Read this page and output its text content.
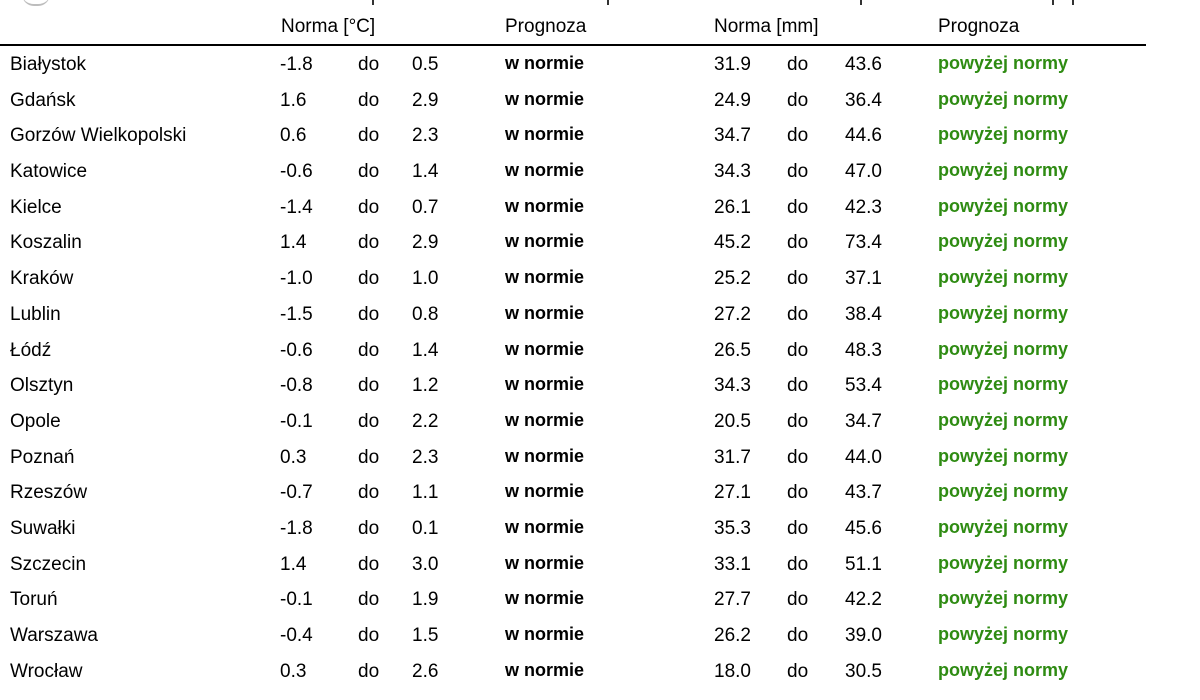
Norma [°C]	Prognoza	Norma [mm]	Prognoza
Białystok	-1.8 do 0.5	w normie	31.9 do 43.6	powyżej normy
Gdańsk	1.6	do 2.9	w normie	24.9 do 36.4	powyżej normy
Gorzów Wielkopolski	0.6	do 2.3	w normie	34.7 do 44.6	powyżej normy
Katowice	-0.6 do 1.4	w normie	34.3 do 47.0	powyżej normy
Kielce	-1.4 do 0.7	w normie	26.1 do 42.3	powyżej normy
Koszalin	1.4	do 2.9	w normie	45.2 do 73.4	powyżej normy
Kraków	-1.0 do 1.0	w normie	25.2 do 37.1	powyżej normy
Lublin	-1.5 do 0.8	w normie	27.2 do 38.4	powyżej normy
Łódź	-0.6 do 1.4	w normie	26.5 do 48.3	powyżej normy
Olsztyn	-0.8 do 1.2	w normie	34.3 do 53.4	powyżej normy
Opole	-0.1 do 2.2	w normie	20.5 do 34.7	powyżej normy
Poznań	0.3	do 2.3	w normie	31.7 do 44.0	powyżej normy
Rzeszów	-0.7 do 1.1	w normie	27.1 do 43.7	powyżej normy
Suwałki	-1.8 do 0.1	w normie	35.3 do 45.6	powyżej normy
Szczecin	1.4	do 3.0	w normie	33.1 do 51.1	powyżej normy
Toruń	-0.1 do 1.9	w normie	27.7 do 42.2	powyżej normy
Warszawa	-0.4 do 1.5	w normie	26.2 do 39.0	powyżej normy
Wrocław	0.3	do 2.6	w normie	18.0 do 30.5	powyżej normy
